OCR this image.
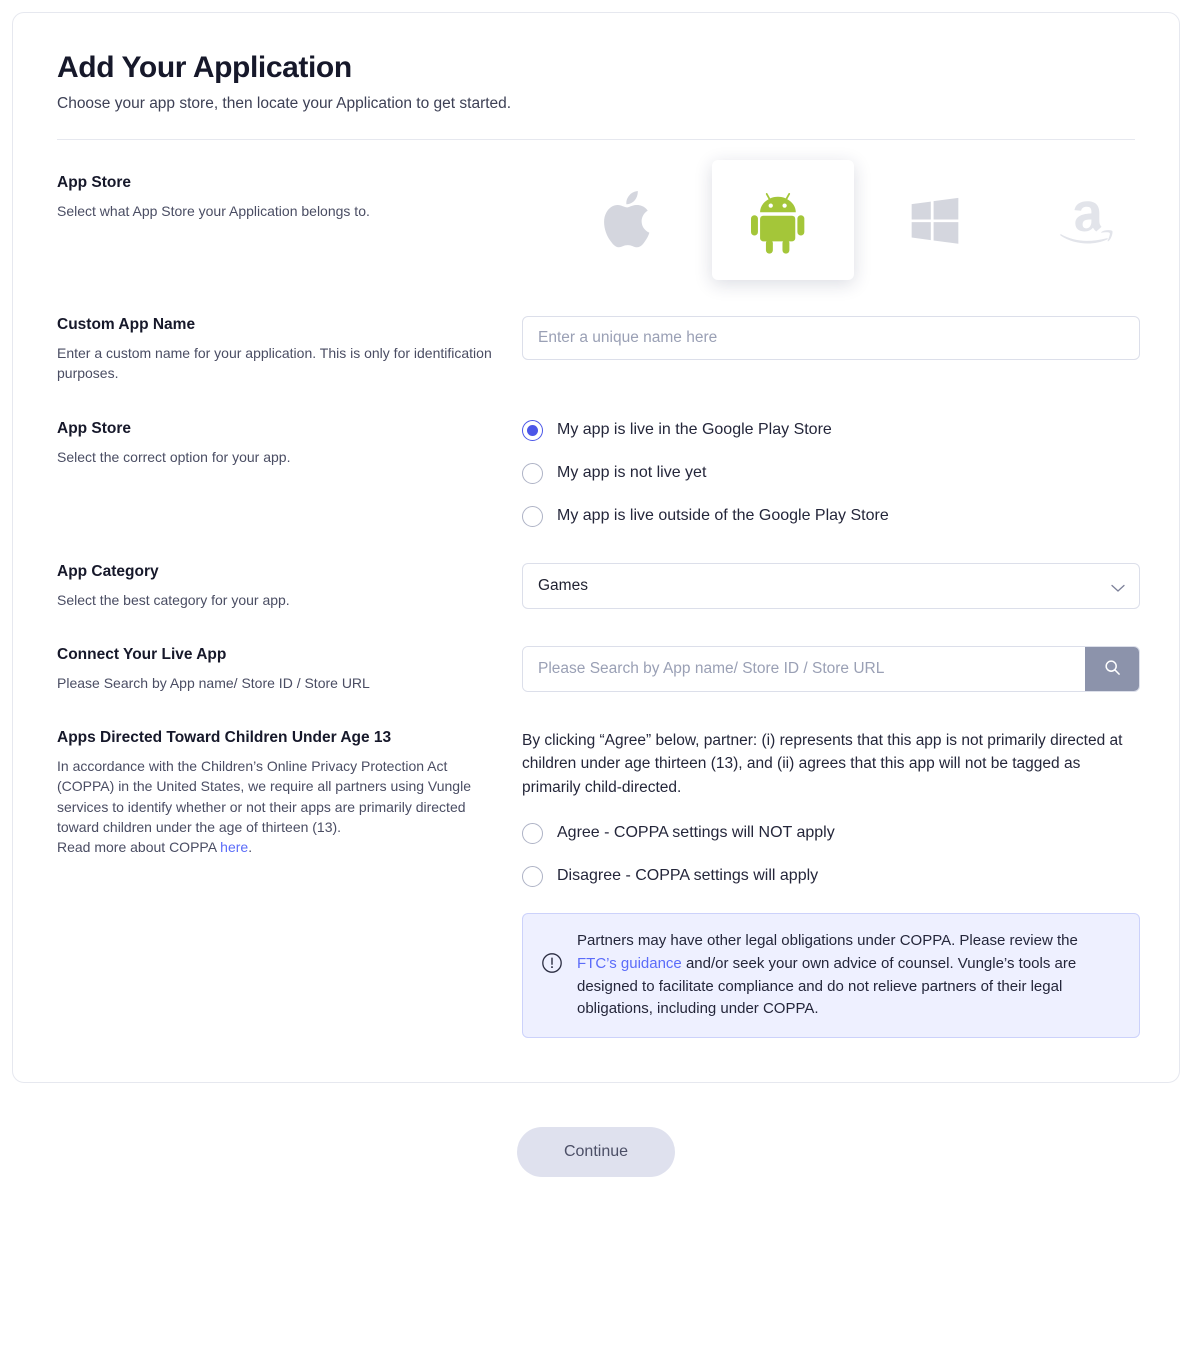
Add Your Application

Choose your app store, then locate your Application to get started.

App Store

Select what App Store your Application belongs to.

Custom App Name

Enter a custom name for your application. This is only for identification purposes.

Enter a unique name here
App Store

Select the correct option for your app.

My app is live in the Google Play Store
My app is not live yet
My app is live outside of the Google Play Store
App Category

Select the best category for your app.

Games
Connect Your Live App

Please Search by App name/ Store ID / Store URL

Please Search by App name/ Store ID / Store URL
Apps Directed Toward Children Under Age 13

In accordance with the Children’s Online Privacy Protection Act (COPPA) in the United States, we require all partners using Vungle services to identify whether or not their apps are primarily directed toward children under the age of thirteen (13).
Read more about COPPA here.

By clicking “Agree” below, partner: (i) represents that this app is not primarily directed at children under age thirteen (13), and (ii) agrees that this app will not be tagged as primarily child-directed.

Agree - COPPA settings will NOT apply
Disagree - COPPA settings will apply
Partners may have other legal obligations under COPPA. Please review the FTC’s guidance and/or seek your own advice of counsel. Vungle’s tools are designed to facilitate compliance and do not relieve partners of their legal obligations, including under COPPA.
Continue
